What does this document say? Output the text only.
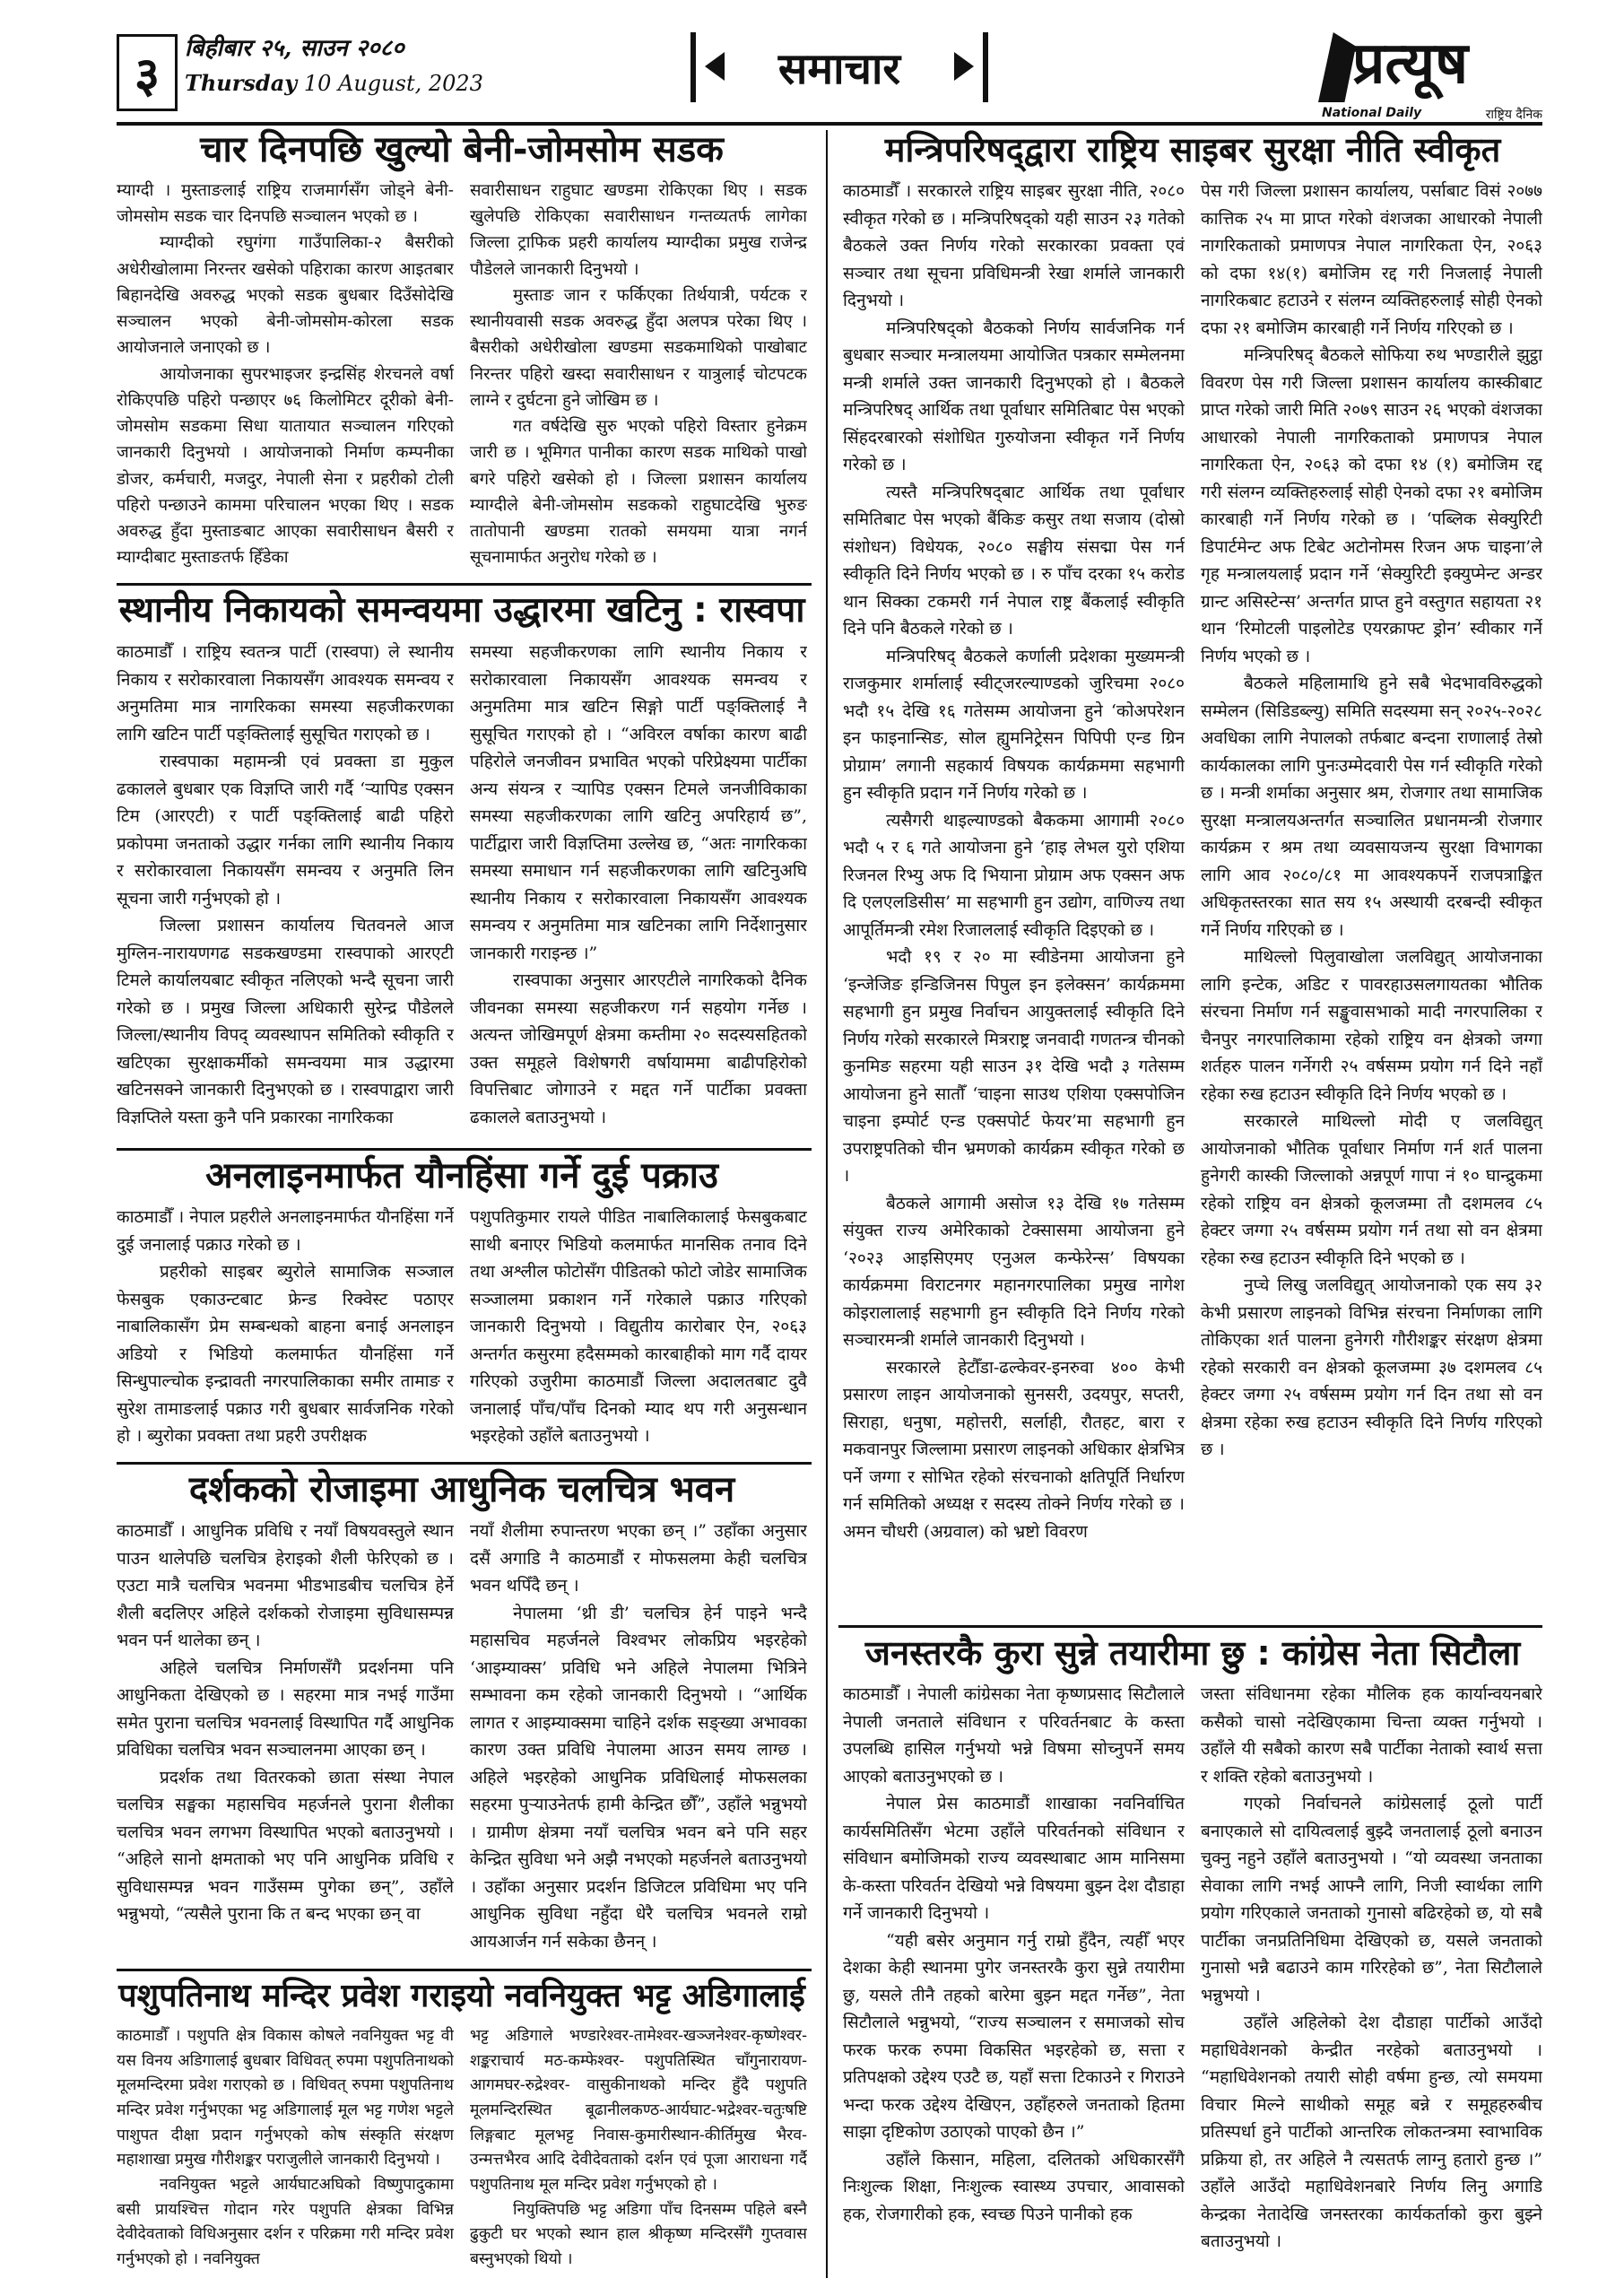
३	बिहीबार २५, साउन २०८०
Thursday 10 August, 2023	समाचार	प्रत्यूष
National Daily	राष्ट्रिय दैनिक
चार दिनपछि खुल्यो बेनी-जोमसोम सडक

म्याग्दी । मुस्ताङलाई राष्ट्रिय राजमार्गसँग जोड्ने बेनी-जोमसोम सडक चार दिनपछि सञ्चालन भएको छ ।

म्याग्दीको रघुगंगा गाउँपालिका-२ बैसरीको अधेरीखोलामा निरन्तर खसेको पहिराका कारण आइतबार बिहानदेखि अवरुद्ध भएको सडक बुधबार दिउँसोदेखि सञ्चालन भएको बेनी-जोमसोम-कोरला सडक आयोजनाले जनाएको छ ।

आयोजनाका सुपरभाइजर इन्द्रसिंह शेरचनले वर्षा रोकिएपछि पहिरो पन्छाएर ७६ किलोमिटर दूरीको बेनी-जोमसोम सडकमा सिधा यातायात सञ्चालन गरिएको जानकारी दिनुभयो । आयोजनाको निर्माण कम्पनीका डोजर, कर्मचारी, मजदुर, नेपाली सेना र प्रहरीको टोली पहिरो पन्छाउने काममा परिचालन भएका थिए । सडक अवरुद्ध हुँदा मुस्ताङबाट आएका सवारीसाधन बैसरी र म्याग्दीबाट मुस्ताङतर्फ हिँडेका

सवारीसाधन राहुघाट खण्डमा रोकिएका थिए । सडक खुलेपछि रोकिएका सवारीसाधन गन्तव्यतर्फ लागेका जिल्ला ट्राफिक प्रहरी कार्यालय म्याग्दीका प्रमुख राजेन्द्र पौडेलले जानकारी दिनुभयो ।

मुस्ताङ जान र फर्किएका तिर्थयात्री, पर्यटक र स्थानीयवासी सडक अवरुद्ध हुँदा अलपत्र परेका थिए । बैसरीको अधेरीखोला खण्डमा सडकमाथिको पाखोबाट निरन्तर पहिरो खस्दा सवारीसाधन र यात्रुलाई चोटपटक लाग्ने र दुर्घटना हुने जोखिम छ ।

गत वर्षदेखि सुरु भएको पहिरो विस्तार हुनेक्रम जारी छ । भूमिगत पानीका कारण सडक माथिको पाखो बगरे पहिरो खसेको हो । जिल्ला प्रशासन कार्यालय म्याग्दीले बेनी-जोमसोम सडकको राहुघाटदेखि भुरुङ तातोपानी खण्डमा रातको समयमा यात्रा नगर्न सूचनामार्फत अनुरोध गरेको छ ।

स्थानीय निकायको समन्वयमा उद्धारमा खटिनु : रास्वपा

काठमाडौँ । राष्ट्रिय स्वतन्त्र पार्टी (रास्वपा) ले स्थानीय निकाय र सरोकारवाला निकायसँग आवश्यक समन्वय र अनुमतिमा मात्र नागरिकका समस्या सहजीकरणका लागि खटिन पार्टी पङ्क्तिलाई सुसूचित गराएको छ ।

रास्वपाका महामन्त्री एवं प्रवक्ता डा मुकुल ढकालले बुधबार एक विज्ञप्ति जारी गर्दै ‘र्‍यापिड एक्सन टिम (आरएटी) र पार्टी पङ्क्तिलाई बाढी पहिरो प्रकोपमा जनताको उद्धार गर्नका लागि स्थानीय निकाय र सरोकारवाला निकायसँग समन्वय र अनुमति लिन सूचना जारी गर्नुभएको हो ।

जिल्ला प्रशासन कार्यालय चितवनले आज मुग्लिन-नारायणगढ सडकखण्डमा रास्वपाको आरएटी टिमले कार्यालयबाट स्वीकृत नलिएको भन्दै सूचना जारी गरेको छ । प्रमुख जिल्ला अधिकारी सुरेन्द्र पौडेलले जिल्ला/स्थानीय विपद् व्यवस्थापन समितिको स्वीकृति र खटिएका सुरक्षाकर्मीको समन्वयमा मात्र उद्धारमा खटिनसक्ने जानकारी दिनुभएको छ । रास्वपाद्वारा जारी विज्ञप्तिले यस्ता कुनै पनि प्रकारका नागरिकका

समस्या सहजीकरणका लागि स्थानीय निकाय र सरोकारवाला निकायसँग आवश्यक समन्वय र अनुमतिमा मात्र खटिन सिङ्गो पार्टी पङ्क्तिलाई नै सुसूचित गराएको हो । “अविरल वर्षाका कारण बाढी पहिरोले जनजीवन प्रभावित भएको परिप्रेक्ष्यमा पार्टीका अन्य संयन्त्र र र्‍यापिड एक्सन टिमले जनजीविकाका समस्या सहजीकरणका लागि खटिनु अपरिहार्य छ”, पार्टीद्वारा जारी विज्ञप्तिमा उल्लेख छ, “अतः नागरिकका समस्या समाधान गर्न सहजीकरणका लागि खटिनुअघि स्थानीय निकाय र सरोकारवाला निकायसँग आवश्यक समन्वय र अनुमतिमा मात्र खटिनका लागि निर्देशानुसार जानकारी गराइन्छ ।”

रास्वपाका अनुसार आरएटीले नागरिकको दैनिक जीवनका समस्या सहजीकरण गर्न सहयोग गर्नेछ । अत्यन्त जोखिमपूर्ण क्षेत्रमा कम्तीमा २० सदस्यसहितको उक्त समूहले विशेषगरी वर्षायाममा बाढीपहिरोको विपत्तिबाट जोगाउने र मद्दत गर्ने पार्टीका प्रवक्ता ढकालले बताउनुभयो ।

अनलाइनमार्फत यौनहिंसा गर्ने दुई पक्राउ

काठमाडौँ । नेपाल प्रहरीले अनलाइनमार्फत यौनहिंसा गर्ने दुई जनालाई पक्राउ गरेको छ ।

प्रहरीको साइबर ब्युरोले सामाजिक सञ्जाल फेसबुक एकाउन्टबाट फ्रेन्ड रिक्वेस्ट पठाएर नाबालिकासँग प्रेम सम्बन्धको बाहना बनाई अनलाइन अडियो र भिडियो कलमार्फत यौनहिंसा गर्ने सिन्धुपाल्चोक इन्द्रावती नगरपालिकाका समीर तामाङ र सुरेश तामाङलाई पक्राउ गरी बुधबार सार्वजनिक गरेको हो । ब्युरोका प्रवक्ता तथा प्रहरी उपरीक्षक

पशुपतिकुमार रायले पीडित नाबालिकालाई फेसबुकबाट साथी बनाएर भिडियो कलमार्फत मानसिक तनाव दिने तथा अश्लील फोटोसँग पीडितको फोटो जोडेर सामाजिक सञ्जालमा प्रकाशन गर्ने गरेकाले पक्राउ गरिएको जानकारी दिनुभयो । विद्युतीय कारोबार ऐन, २०६३ अन्तर्गत कसुरमा हदैसम्मको कारबाहीको माग गर्दै दायर गरिएको उजुरीमा काठमाडौं जिल्ला अदालतबाट दुवै जनालाई पाँच/पाँच दिनको म्याद थप गरी अनुसन्धान भइरहेको उहाँले बताउनुभयो ।

दर्शकको रोजाइमा आधुनिक चलचित्र भवन

काठमाडौँ । आधुनिक प्रविधि र नयाँ विषयवस्तुले स्थान पाउन थालेपछि चलचित्र हेराइको शैली फेरिएको छ । एउटा मात्रै चलचित्र भवनमा भीडभाडबीच चलचित्र हेर्ने शैली बदलिएर अहिले दर्शकको रोजाइमा सुविधासम्पन्न भवन पर्न थालेका छन् ।

अहिले चलचित्र निर्माणसँगै प्रदर्शनमा पनि आधुनिकता देखिएको छ । सहरमा मात्र नभई गाउँमा समेत पुराना चलचित्र भवनलाई विस्थापित गर्दै आधुनिक प्रविधिका चलचित्र भवन सञ्चालनमा आएका छन् ।

प्रदर्शक तथा वितरकको छाता संस्था नेपाल चलचित्र सङ्घका महासचिव महर्जनले पुराना शैलीका चलचित्र भवन लगभग विस्थापित भएको बताउनुभयो । “अहिले सानो क्षमताको भए पनि आधुनिक प्रविधि र सुविधासम्पन्न भवन गाउँसम्म पुगेका छन्”, उहाँले भन्नुभयो, “त्यसैले पुराना कि त बन्द भएका छन् वा

नयाँ शैलीमा रुपान्तरण भएका छन् ।” उहाँका अनुसार दसैं अगाडि नै काठमाडौं र मोफसलमा केही चलचित्र भवन थपिँदै छन् ।

नेपालमा ‘थ्री डी’ चलचित्र हेर्न पाइने भन्दै महासचिव महर्जनले विश्वभर लोकप्रिय भइरहेको ‘आइम्याक्स’ प्रविधि भने अहिले नेपालमा भित्रिने सम्भावना कम रहेको जानकारी दिनुभयो । “आर्थिक लागत र आइम्याक्समा चाहिने दर्शक सङ्ख्या अभावका कारण उक्त प्रविधि नेपालमा आउन समय लाग्छ । अहिले भइरहेको आधुनिक प्रविधिलाई मोफसलका सहरमा पुर्‍याउनेतर्फ हामी केन्द्रित छौँ”, उहाँले भन्नुभयो । ग्रामीण क्षेत्रमा नयाँ चलचित्र भवन बने पनि सहर केन्द्रित सुविधा भने अझै नभएको महर्जनले बताउनुभयो । उहाँका अनुसार प्रदर्शन डिजिटल प्रविधिमा भए पनि आधुनिक सुविधा नहुँदा धेरै चलचित्र भवनले राम्रो आयआर्जन गर्न सकेका छैनन् ।

पशुपतिनाथ मन्दिर प्रवेश गराइयो नवनियुक्त भट्ट अडिगालाई

काठमाडौँ । पशुपति क्षेत्र विकास कोषले नवनियुक्त भट्ट वी यस विनय अडिगालाई बुधबार विधिवत् रुपमा पशुपतिनाथको मूलमन्दिरमा प्रवेश गराएको छ । विधिवत् रुपमा पशुपतिनाथ मन्दिर प्रवेश गर्नुभएका भट्ट अडिगालाई मूल भट्ट गणेश भट्टले पाशुपत दीक्षा प्रदान गर्नुभएको कोष संस्कृति संरक्षण महाशाखा प्रमुख गौरीशङ्कर पराजुलीले जानकारी दिनुभयो ।

नवनियुक्त भट्टले आर्यघाटअघिको विष्णुपादुकामा बसी प्रायश्चित्त गोदान गरेर पशुपति क्षेत्रका विभिन्न देवीदेवताको विधिअनुसार दर्शन र परिक्रमा गरी मन्दिर प्रवेश गर्नुभएको हो । नवनियुक्त

भट्ट अडिगाले भण्डारेश्वर-तामेश्वर-खञ्जनेश्वर-कृष्णेश्वर-शङ्कराचार्य मठ-कम्फेश्वर- पशुपतिस्थित चाँगुनारायण- आगमघर-रुद्रेश्वर- वासुकीनाथको मन्दिर हुँदै पशुपति मूलमन्दिरस्थित बूढानीलकण्ठ-आर्यघाट-भद्रेश्वर-चतुःषष्टि लिङ्गबाट मूलभट्ट निवास-कुमारीस्थान-कीर्तिमुख भैरव-उन्मत्तभैरव आदि देवीदेवताको दर्शन एवं पूजा आराधना गर्दै पशुपतिनाथ मूल मन्दिर प्रवेश गर्नुभएको हो ।

नियुक्तिपछि भट्ट अडिगा पाँच दिनसम्म पहिले बस्नै ढुकुटी घर भएको स्थान हाल श्रीकृष्ण मन्दिरसँगै गुप्तवास बस्नुभएको थियो ।

मन्त्रिपरिषद्‌द्वारा राष्ट्रिय साइबर सुरक्षा नीति स्वीकृत

काठमाडौँ । सरकारले राष्ट्रिय साइबर सुरक्षा नीति, २०८० स्वीकृत गरेको छ । मन्त्रिपरिषद्को यही साउन २३ गतेको बैठकले उक्त निर्णय गरेको सरकारका प्रवक्ता एवं सञ्चार तथा सूचना प्रविधिमन्त्री रेखा शर्माले जानकारी दिनुभयो ।

मन्त्रिपरिषद्को बैठकको निर्णय सार्वजनिक गर्न बुधबार सञ्चार मन्त्रालयमा आयोजित पत्रकार सम्मेलनमा मन्त्री शर्माले उक्त जानकारी दिनुभएको हो । बैठकले मन्त्रिपरिषद् आर्थिक तथा पूर्वाधार समितिबाट पेस भएको सिंहदरबारको संशोधित गुरुयोजना स्वीकृत गर्ने निर्णय गरेको छ ।

त्यस्तै मन्त्रिपरिषद्‌बाट आर्थिक तथा पूर्वाधार समितिबाट पेस भएको बैंकिङ कसुर तथा सजाय (दोस्रो संशोधन) विधेयक, २०८० सङ्घीय संसद्मा पेस गर्न स्वीकृति दिने निर्णय भएको छ । रु पाँच दरका १५ करोड थान सिक्का टकमरी गर्न नेपाल राष्ट्र बैंकलाई स्वीकृति दिने पनि बैठकले गरेको छ ।

मन्त्रिपरिषद् बैठकले कर्णाली प्रदेशका मुख्यमन्त्री राजकुमार शर्मालाई स्वीट्जरल्याण्डको जुरिचमा २०८० भदौ १५ देखि १६ गतेसम्म आयोजना हुने ‘कोअपरेशन इन फाइनान्सिङ, सोल ह्युमनिट्रेसन पिपिपी एन्ड ग्रिन प्रोग्राम’ लगानी सहकार्य विषयक कार्यक्रममा सहभागी हुन स्वीकृति प्रदान गर्ने निर्णय गरेको छ ।

त्यसैगरी थाइल्याण्डको बैककमा आगामी २०८० भदौ ५ र ६ गते आयोजना हुने ‘हाइ लेभल युरो एशिया रिजनल रिभ्यु अफ दि भियाना प्रोग्राम अफ एक्सन अफ दि एलएलडिसीस’ मा सहभागी हुन उद्योग, वाणिज्य तथा आपूर्तिमन्त्री रमेश रिजाललाई स्वीकृति दिइएको छ ।

भदौ १९ र २० मा स्वीडेनमा आयोजना हुने ‘इन्जेजिङ इन्डिजिनस पिपुल इन इलेक्सन’ कार्यक्रममा सहभागी हुन प्रमुख निर्वाचन आयुक्तलाई स्वीकृति दिने निर्णय गरेको सरकारले मित्रराष्ट्र जनवादी गणतन्त्र चीनको कुनमिङ सहरमा यही साउन ३१ देखि भदौ ३ गतेसम्म आयोजना हुने सातौँ ‘चाइना साउथ एशिया एक्सपोजिन चाइना इम्पोर्ट एन्ड एक्सपोर्ट फेयर’मा सहभागी हुन उपराष्ट्रपतिको चीन भ्रमणको कार्यक्रम स्वीकृत गरेको छ ।

बैठकले आगामी असोज १३ देखि १७ गतेसम्म संयुक्त राज्य अमेरिकाको टेक्सासमा आयोजना हुने ‘२०२३ आइसिएमए एनुअल कन्फेरेन्स’ विषयका कार्यक्रममा विराटनगर महानगरपालिका प्रमुख नागेश कोइरालालाई सहभागी हुन स्वीकृति दिने निर्णय गरेको सञ्चारमन्त्री शर्माले जानकारी दिनुभयो ।

सरकारले हेटौँडा-ढल्केवर-इनरुवा ४०० केभी प्रसारण लाइन आयोजनाको सुनसरी, उदयपुर, सप्तरी, सिराहा, धनुषा, महोत्तरी, सर्लाही, रौतहट, बारा र मकवानपुर जिल्लामा प्रसारण लाइनको अधिकार क्षेत्रभित्र पर्ने जग्गा र सोभित रहेको संरचनाको क्षतिपूर्ति निर्धारण गर्न समितिको अध्यक्ष र सदस्य तोक्ने निर्णय गरेको छ । अमन चौधरी (अग्रवाल) को भ्रष्टो विवरण

पेस गरी जिल्ला प्रशासन कार्यालय, पर्साबाट विसं २०७७ कात्तिक २५ मा प्राप्त गरेको वंशजका आधारको नेपाली नागरिकताको प्रमाणपत्र नेपाल नागरिकता ऐन, २०६३ को दफा १४(१) बमोजिम रद्द गरी निजलाई नेपाली नागरिकबाट हटाउने र संलग्न व्यक्तिहरुलाई सोही ऐनको दफा २१ बमोजिम कारबाही गर्ने निर्णय गरिएको छ ।

मन्त्रिपरिषद् बैठकले सोफिया रुथ भण्डारीले झुट्ठा विवरण पेस गरी जिल्ला प्रशासन कार्यालय कास्कीबाट प्राप्त गरेको जारी मिति २०७९ साउन २६ भएको वंशजका आधारको नेपाली नागरिकताको प्रमाणपत्र नेपाल नागरिकता ऐन, २०६३ को दफा १४ (१) बमोजिम रद्द गरी संलग्न व्यक्तिहरुलाई सोही ऐनको दफा २१ बमोजिम कारबाही गर्ने निर्णय गरेको छ । ‘पब्लिक सेक्युरिटी डिपार्टमेन्ट अफ टिबेट अटोनोमस रिजन अफ चाइना’ले गृह मन्त्रालयलाई प्रदान गर्ने ‘सेक्युरिटी इक्युप्मेन्ट अन्डर ग्रान्ट असिस्टेन्स’ अन्तर्गत प्राप्त हुने वस्तुगत सहायता २१ थान ‘रिमोटली पाइलोटेड एयरक्राफ्ट ड्रोन’ स्वीकार गर्ने निर्णय भएको छ ।

बैठकले महिलामाथि हुने सबै भेदभावविरुद्धको सम्मेलन (सिडिडब्ल्यु) समिति सदस्यमा सन् २०२५-२०२८ अवधिका लागि नेपालको तर्फबाट बन्दना राणालाई तेस्रो कार्यकालका लागि पुनःउम्मेदवारी पेस गर्न स्वीकृति गरेको छ । मन्त्री शर्माका अनुसार श्रम, रोजगार तथा सामाजिक सुरक्षा मन्त्रालयअन्तर्गत सञ्चालित प्रधानमन्त्री रोजगार कार्यक्रम र श्रम तथा व्यवसायजन्य सुरक्षा विभागका लागि आव २०८०/८१ मा आवश्यकपर्ने राजपत्राङ्कित अधिकृतस्तरका सात सय १५ अस्थायी दरबन्दी स्वीकृत गर्ने निर्णय गरिएको छ ।

माथिल्लो पिलुवाखोला जलविद्युत् आयोजनाका लागि इन्टेक, अडिट र पावरहाउसलगायतका भौतिक संरचना निर्माण गर्न सङ्खुवासभाको मादी नगरपालिका र चैनपुर नगरपालिकामा रहेको राष्ट्रिय वन क्षेत्रको जग्गा शर्तहरु पालन गर्नेगरी २५ वर्षसम्म प्रयोग गर्न दिने नहाँ रहेका रुख हटाउन स्वीकृति दिने निर्णय भएको छ ।

सरकारले माथिल्लो मोदी ए जलविद्युत् आयोजनाको भौतिक पूर्वाधार निर्माण गर्न शर्त पालना हुनेगरी कास्की जिल्लाको अन्नपूर्ण गापा नं १० घान्द्रुकमा रहेको राष्ट्रिय वन क्षेत्रको कूलजम्मा तौ दशमलव ८५ हेक्टर जग्गा २५ वर्षसम्म प्रयोग गर्न तथा सो वन क्षेत्रमा रहेका रुख हटाउन स्वीकृति दिने भएको छ ।

नुप्चे लिखु जलविद्युत् आयोजनाको एक सय ३२ केभी प्रसारण लाइनको विभिन्न संरचना निर्माणका लागि तोकिएका शर्त पालना हुनेगरी गौरीशङ्कर संरक्षण क्षेत्रमा रहेको सरकारी वन क्षेत्रको कूलजम्मा ३७ दशमलव ८५ हेक्टर जग्गा २५ वर्षसम्म प्रयोग गर्न दिन तथा सो वन क्षेत्रमा रहेका रुख हटाउन स्वीकृति दिने निर्णय गरिएको छ ।

जनस्तरकै कुरा सुन्ने तयारीमा छु : कांग्रेस नेता सिटौला

काठमाडौँ । नेपाली कांग्रेसका नेता कृष्णप्रसाद सिटौलाले नेपाली जनताले संविधान र परिवर्तनबाट के कस्ता उपलब्धि हासिल गर्नुभयो भन्ने विषमा सोच्नुपर्ने समय आएको बताउनुभएको छ ।

नेपाल प्रेस काठमाडौं शाखाका नवनिर्वाचित कार्यसमितिसँग भेटमा उहाँले परिवर्तनको संविधान र संविधान बमोजिमको राज्य व्यवस्थाबाट आम मानिसमा के-कस्ता परिवर्तन देखियो भन्ने विषयमा बुझ्न देश दौडाहा गर्ने जानकारी दिनुभयो ।

“यही बसेर अनुमान गर्नु राम्रो हुँदैन, त्यहीँ भएर देशका केही स्थानमा पुगेर जनस्तरकै कुरा सुन्ने तयारीमा छु, यसले तीनै तहको बारेमा बुझ्न मद्दत गर्नेछ”, नेता सिटौलाले भन्नुभयो, “राज्य सञ्चालन र समाजको सोच फरक फरक रुपमा विकसित भइरहेको छ, सत्ता र प्रतिपक्षको उद्देश्य एउटै छ, यहाँ सत्ता टिकाउने र गिराउने भन्दा फरक उद्देश्य देखिएन, उहाँहरुले जनताको हितमा साझा दृष्टिकोण उठाएको पाएको छैन ।”

उहाँले किसान, महिला, दलितको अधिकारसँगै निःशुल्क शिक्षा, निःशुल्क स्वास्थ्य उपचार, आवासको हक, रोजगारीको हक, स्वच्छ पिउने पानीको हक

जस्ता संविधानमा रहेका मौलिक हक कार्यान्वयनबारे कसैको चासो नदेखिएकामा चिन्ता व्यक्त गर्नुभयो । उहाँले यी सबैको कारण सबै पार्टीका नेताको स्वार्थ सत्ता र शक्ति रहेको बताउनुभयो ।

गएको निर्वाचनले कांग्रेसलाई ठूलो पार्टी बनाएकाले सो दायित्वलाई बुझ्दै जनतालाई ठूलो बनाउन चुक्नु नहुने उहाँले बताउनुभयो । “यो व्यवस्था जनताका सेवाका लागि नभई आफ्नै लागि, निजी स्वार्थका लागि प्रयोग गरिएकाले जनताको गुनासो बढिरहेको छ, यो सबै पार्टीका जनप्रतिनिधिमा देखिएको छ, यसले जनताको गुनासो भन्नै बढाउने काम गरिरहेको छ”, नेता सिटौलाले भन्नुभयो ।

उहाँले अहिलेको देश दौडाहा पार्टीको आउँदो महाधिवेशनको केन्द्रीत नरहेको बताउनुभयो । “महाधिवेशनको तयारी सोही वर्षमा हुन्छ, त्यो समयमा विचार मिल्ने साथीको समूह बन्ने र समूहहरुबीच प्रतिस्पर्धा हुने पार्टीको आन्तरिक लोकतन्त्रमा स्वाभाविक प्रक्रिया हो, तर अहिले नै त्यसतर्फ लाग्नु हतारो हुन्छ ।” उहाँले आउँदो महाधिवेशनबारे निर्णय लिनु अगाडि केन्द्रका नेतादेखि जनस्तरका कार्यकर्ताको कुरा बुझ्ने बताउनुभयो ।
